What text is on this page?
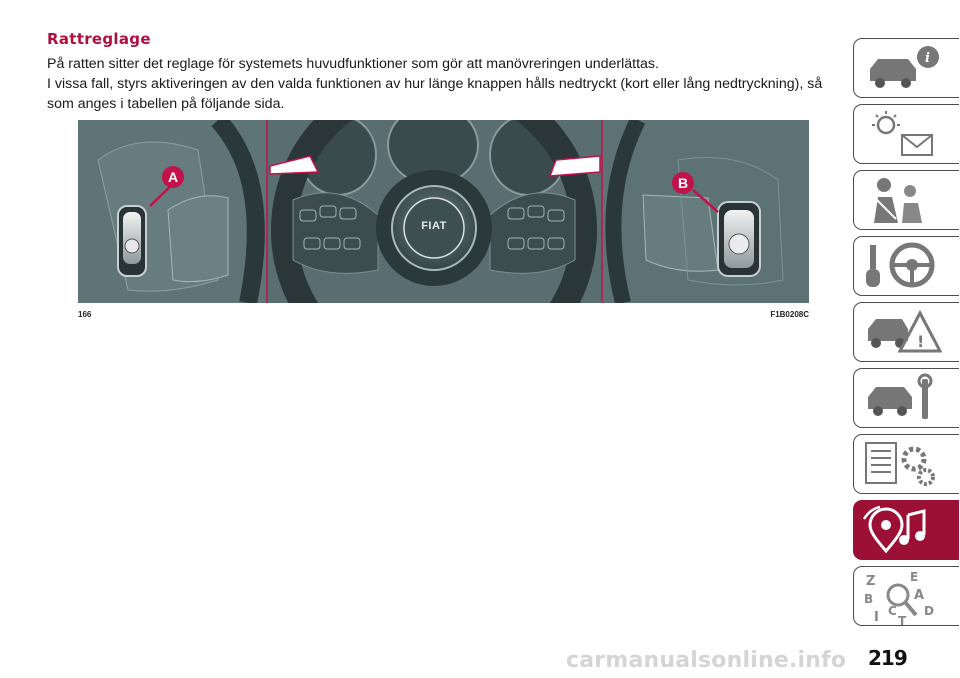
Rattreglage

På ratten sitter det reglage för systemets huvudfunktioner som gör att manövreringen underlättas.

I vissa fall, styrs aktiveringen av den valda funktionen av hur länge knappen hålls nedtryckt (kort eller lång nedtryckning), så som anges i tabellen på följande sida.

A	B
FIAT
166	F1B0208C
i
!
Z	E
A
B
I C
T
D
219
carmanualsonline.info
